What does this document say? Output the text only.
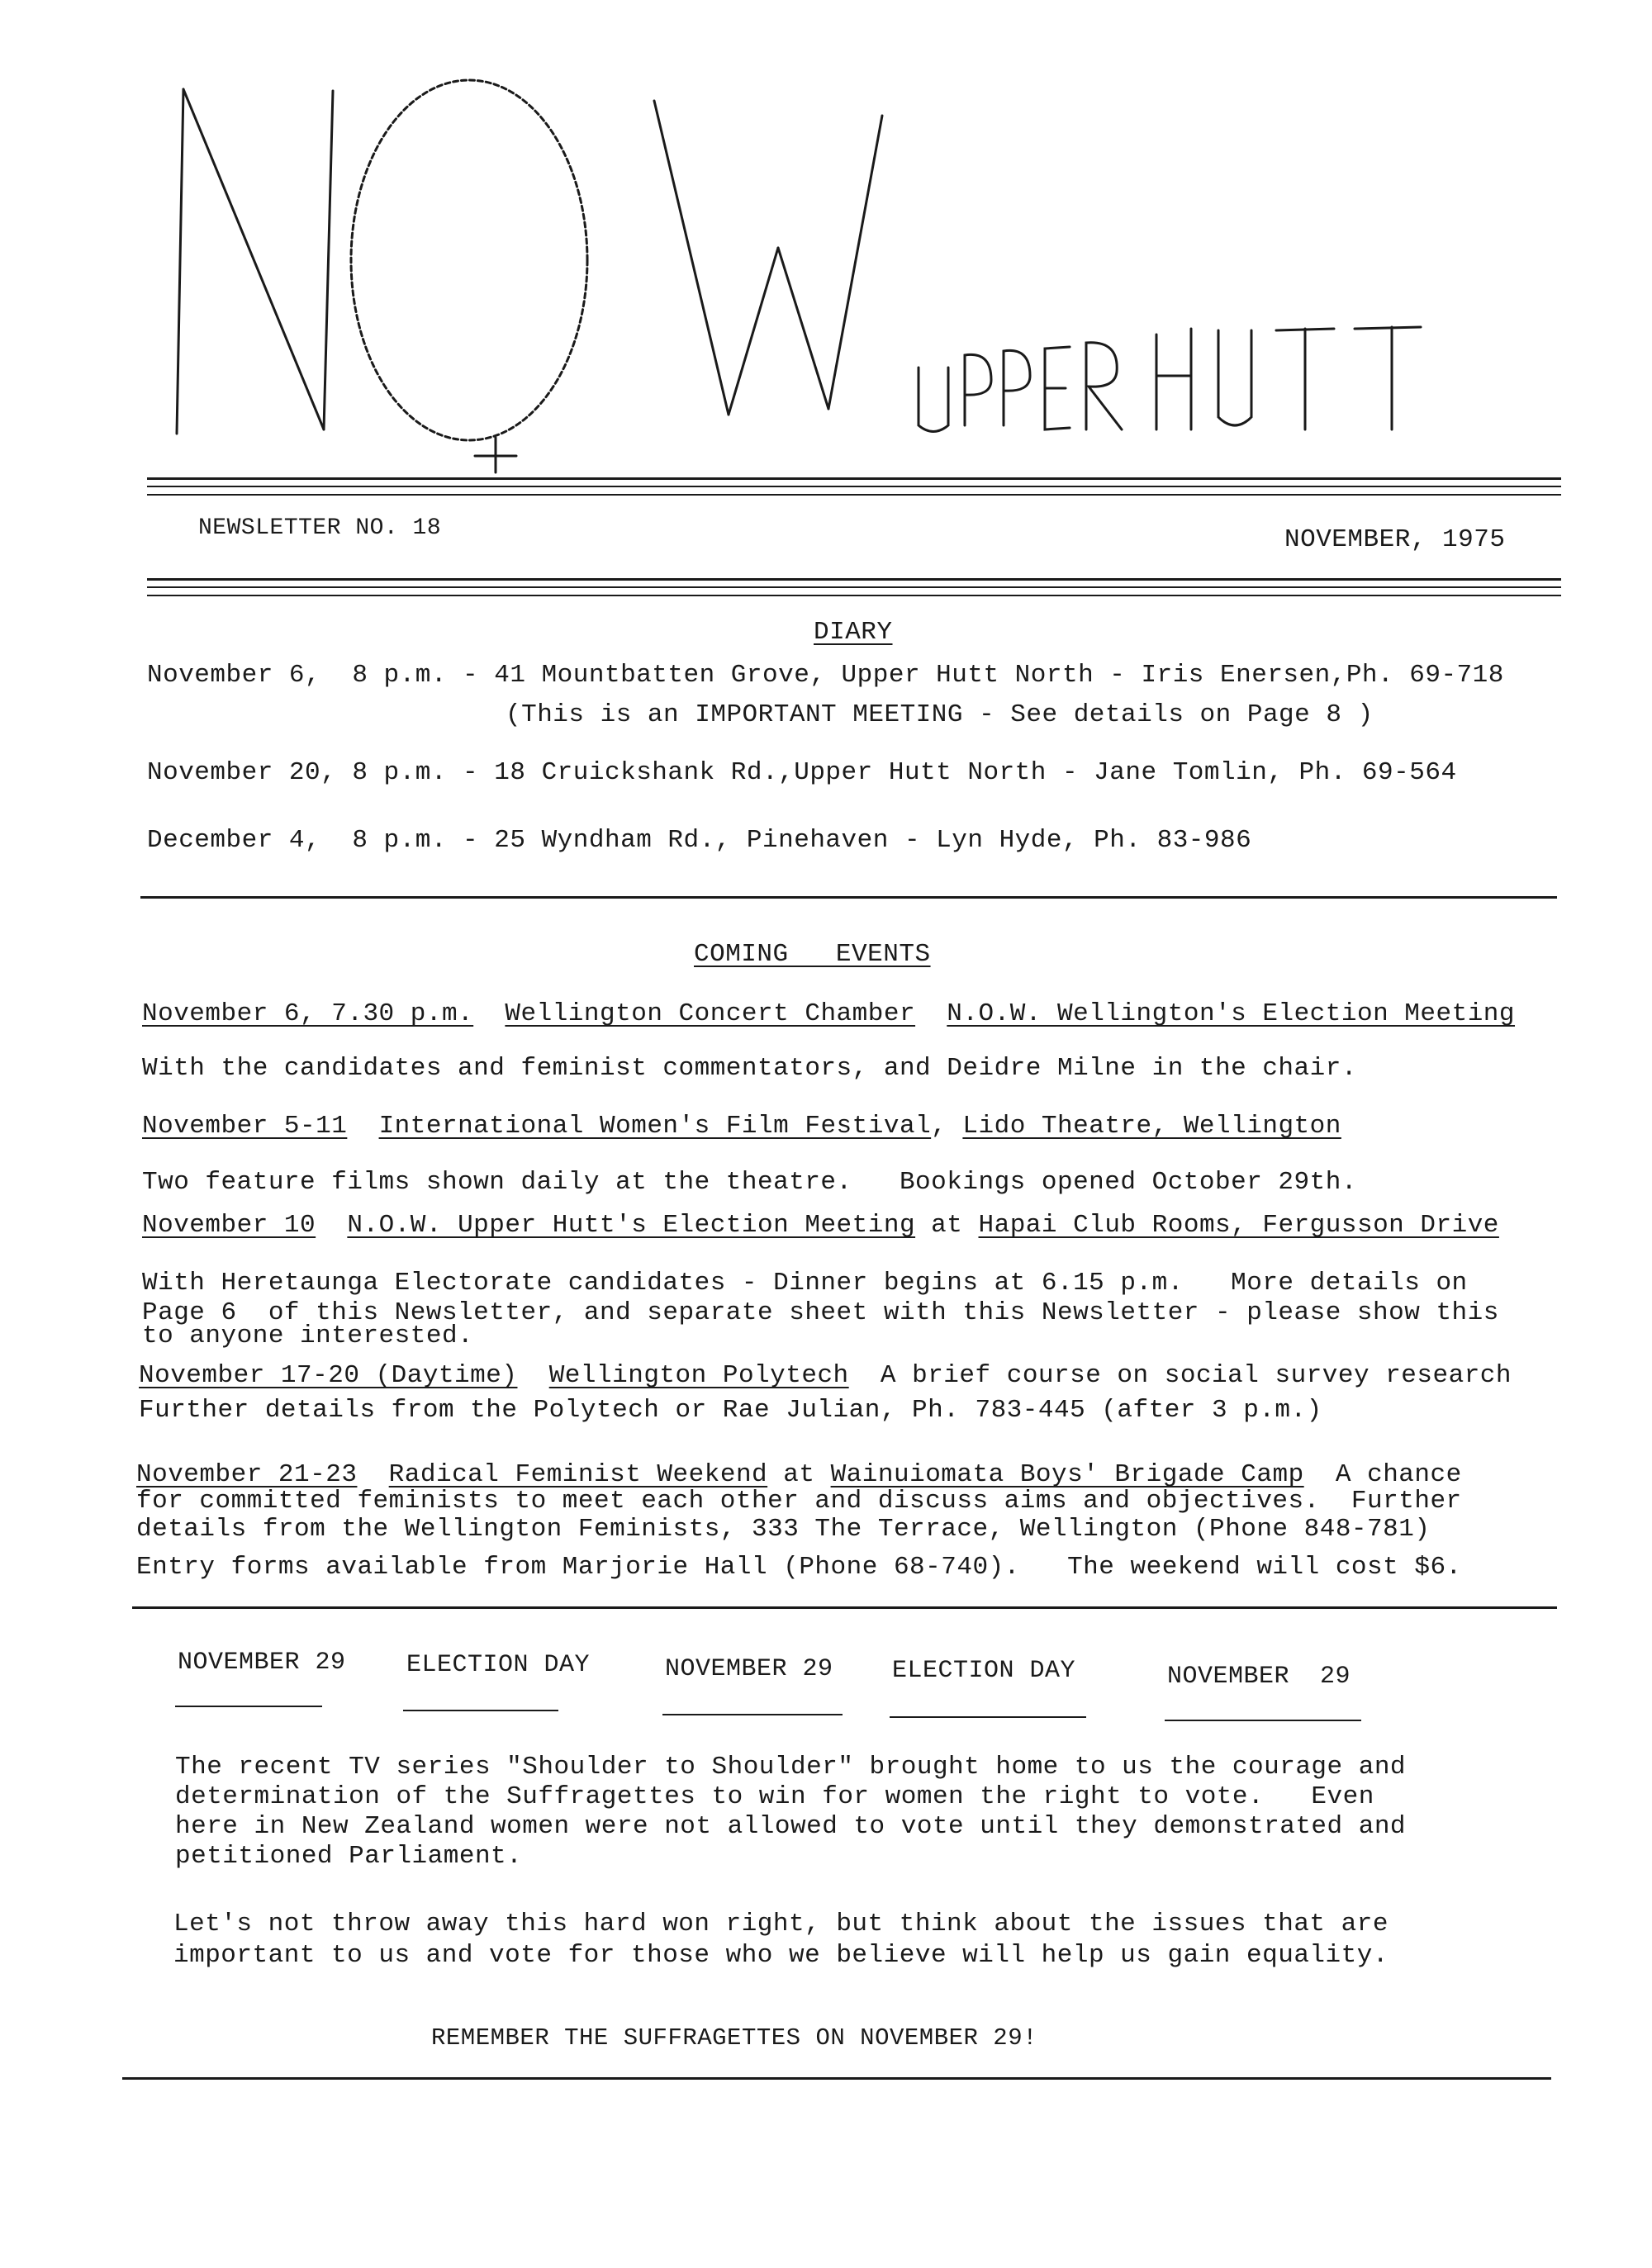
NEWSLETTER NO. 18	NOVEMBER, 1975
DIARY
November 6,  8 p.m. - 41 Mountbatten Grove, Upper Hutt North - Iris Enersen,Ph. 69-718
(This is an IMPORTANT MEETING - See details on Page 8 )
November 20, 8 p.m. - 18 Cruickshank Rd.,Upper Hutt North - Jane Tomlin, Ph. 69-564
December 4,  8 p.m. - 25 Wyndham Rd., Pinehaven - Lyn Hyde, Ph. 83-986
COMING   EVENTS
November 6, 7.30 p.m. Wellington Concert Chamber N.O.W. Wellington's Election Meeting
With the candidates and feminist commentators, and Deidre Milne in the chair.
November 5-11 International Women's Film Festival, Lido Theatre, Wellington
Two feature films shown daily at the theatre.   Bookings opened October 29th.
November 10 N.O.W. Upper Hutt's Election Meeting at Hapai Club Rooms, Fergusson Drive
With Heretaunga Electorate candidates - Dinner begins at 6.15 p.m.   More details on
Page 6  of this Newsletter, and separate sheet with this Newsletter - please show this
to anyone interested.
November 17-20 (Daytime) Wellington Polytech A brief course on social survey research
Further details from the Polytech or Rae Julian, Ph. 783-445 (after 3 p.m.)
November 21-23 Radical Feminist Weekend at Wainuiomata Boys' Brigade Camp A chance
for committed feminists to meet each other and discuss aims and objectives.  Further
details from the Wellington Feminists, 333 The Terrace, Wellington (Phone 848-781)
Entry forms available from Marjorie Hall (Phone 68-740).   The weekend will cost $6.
NOVEMBER 29 ELECTION DAY	NOVEMBER 29 ELECTION DAY	NOVEMBER  29
The recent TV series "Shoulder to Shoulder" brought home to us the courage and
determination of the Suffragettes to win for women the right to vote.   Even
here in New Zealand women were not allowed to vote until they demonstrated and
petitioned Parliament.
Let's not throw away this hard won right, but think about the issues that are
important to us and vote for those who we believe will help us gain equality.
REMEMBER THE SUFFRAGETTES ON NOVEMBER 29!
